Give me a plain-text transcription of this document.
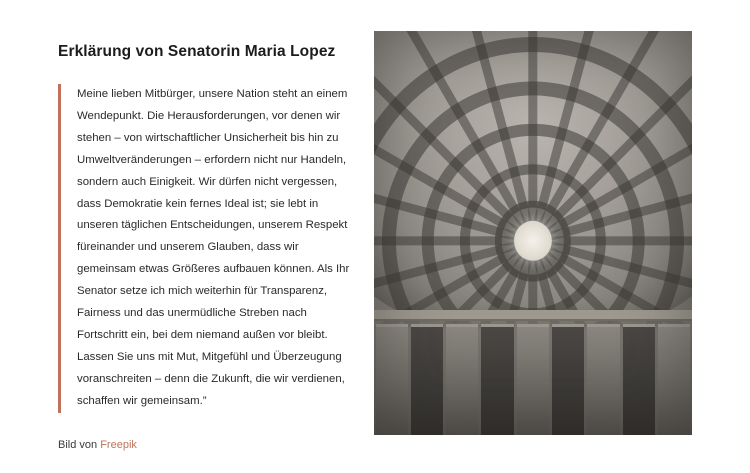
Erklärung von Senatorin Maria Lopez

Meine lieben Mitbürger, unsere Nation steht an einem Wendepunkt. Die Herausforderungen, vor denen wir stehen – von wirtschaftlicher Unsicherheit bis hin zu Umweltveränderungen – erfordern nicht nur Handeln, sondern auch Einigkeit. Wir dürfen nicht vergessen, dass Demokratie kein fernes Ideal ist; sie lebt in unseren täglichen Entscheidungen, unserem Respekt füreinander und unserem Glauben, dass wir gemeinsam etwas Größeres aufbauen können. Als Ihr Senator setze ich mich weiterhin für Transparenz, Fairness und das unermüdliche Streben nach Fortschritt ein, bei dem niemand außen vor bleibt. Lassen Sie uns mit Mut, Mitgefühl und Überzeugung voranschreiten – denn die Zukunft, die wir verdienen, schaffen wir gemeinsam.”

Bild von Freepik
